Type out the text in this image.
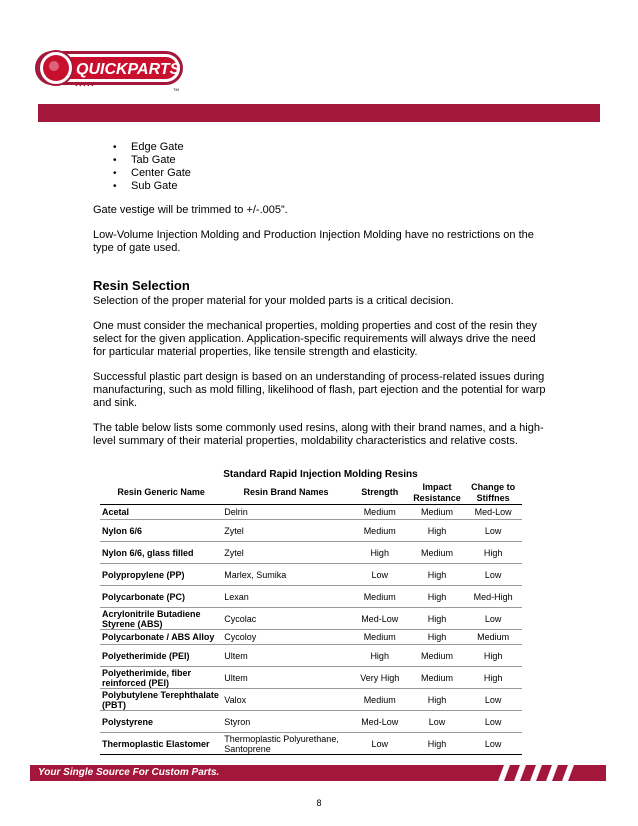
QUICKPARTS
TM
• Edge Gate
• Tab Gate
• Center Gate
• Sub Gate

Gate vestige will be trimmed to +/-.005”.

Low-Volume Injection Molding and Production Injection Molding have no restrictions on the type of gate used.

Resin Selection

Selection of the proper material for your molded parts is a critical decision.

One must consider the mechanical properties, molding properties and cost of the resin they select for the given application. Application-specific requirements will always drive the need for particular material properties, like tensile strength and elasticity.

Successful plastic part design is based on an understanding of process-related issues during manufacturing, such as mold filling, likelihood of flash, part ejection and the potential for warp and sink.

The table below lists some commonly used resins, along with their brand names, and a high-level summary of their material properties, moldability characteristics and relative costs.

Standard Rapid Injection Molding Resins
Resin Generic Name	Resin Brand Names	Strength	Impact Resistance	Change to Stiffnes
Acetal	Delrin	Medium	Medium	Med-Low
Nylon 6/6	Zytel	Medium	High	Low
Nylon 6/6, glass filled	Zytel	High	Medium	High
Polypropylene (PP)	Marlex, Sumika	Low	High	Low
Polycarbonate (PC)	Lexan	Medium	High	Med-High
Acrylonitrile Butadiene Styrene (ABS)	Cycolac	Med-Low	High	Low
Polycarbonate / ABS Alloy	Cycoloy	Medium	High	Medium
Polyetherimide (PEI)	Ultem	High	Medium	High
Polyetherimide, fiber reinforced (PEI)	Ultem	Very High	Medium	High
Polybutylene Terephthalate (PBT)	Valox	Medium	High	Low
Polystyrene	Styron	Med-Low	Low	Low
Thermoplastic Elastomer	Thermoplastic Polyurethane, Santoprene	Low	High	Low
Your Single Source For Custom Parts.
8
